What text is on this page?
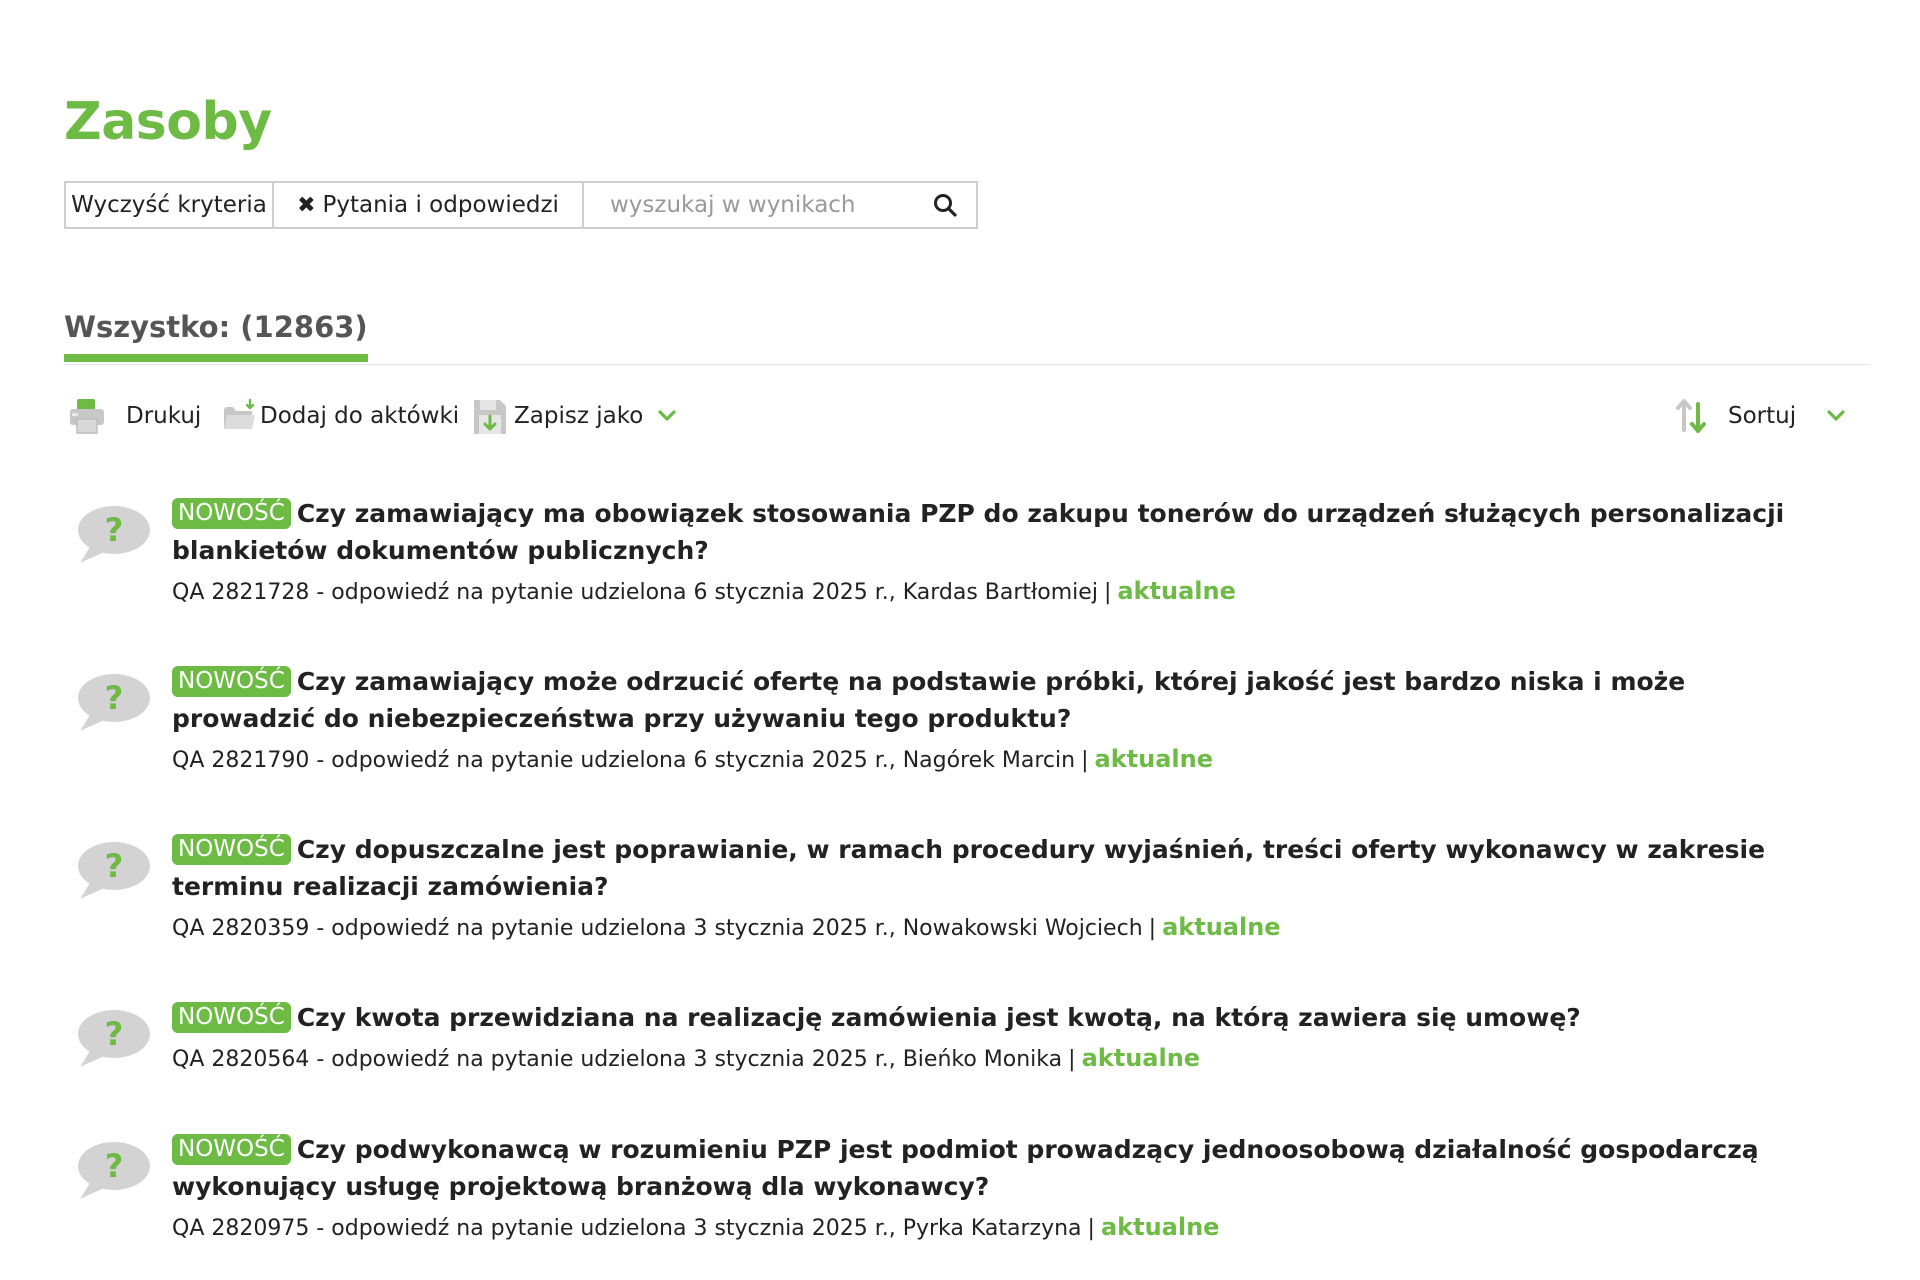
Zasoby
Wyczyść kryteria	✖ Pytania i odpowiedzi
wyszukaj w wynikach
Wszystko: (12863)
Drukuj	Dodaj do aktówki Zapisz jako	Sortuj
? NOWOŚĆ Czy zamawiający ma obowiązek stosowania PZP do zakupu tonerów do urządzeń służących personalizacji blankietów dokumentów publicznych?
QA 2821728 - odpowiedź na pytanie udzielona 6 stycznia 2025 r., Kardas Bartłomiej | aktualne
? NOWOŚĆ Czy zamawiający może odrzucić ofertę na podstawie próbki, której jakość jest bardzo niska i może prowadzić do niebezpieczeństwa przy używaniu tego produktu?
QA 2821790 - odpowiedź na pytanie udzielona 6 stycznia 2025 r., Nagórek Marcin | aktualne
? NOWOŚĆ Czy dopuszczalne jest poprawianie, w ramach procedury wyjaśnień, treści oferty wykonawcy w zakresie terminu realizacji zamówienia?
QA 2820359 - odpowiedź na pytanie udzielona 3 stycznia 2025 r., Nowakowski Wojciech | aktualne
? NOWOŚĆ Czy kwota przewidziana na realizację zamówienia jest kwotą, na którą zawiera się umowę?
QA 2820564 - odpowiedź na pytanie udzielona 3 stycznia 2025 r., Bieńko Monika | aktualne
? NOWOŚĆ Czy podwykonawcą w rozumieniu PZP jest podmiot prowadzący jednoosobową działalność gospodarczą wykonujący usługę projektową branżową dla wykonawcy?
QA 2820975 - odpowiedź na pytanie udzielona 3 stycznia 2025 r., Pyrka Katarzyna | aktualne
